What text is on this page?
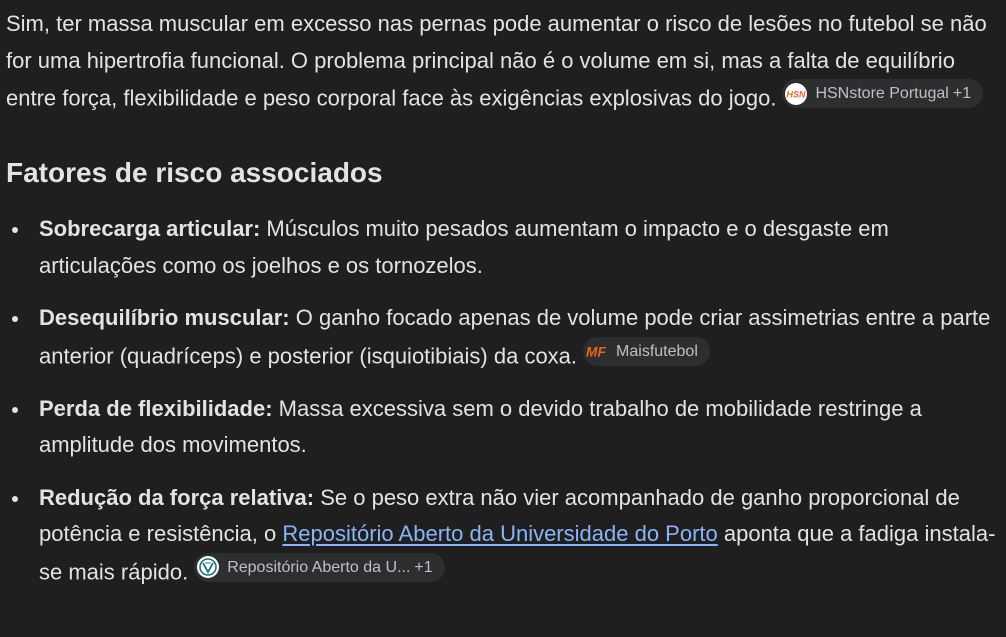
Sim, ter massa muscular em excesso nas pernas pode aumentar o risco de lesões no futebol se não for uma hipertrofia funcional. O problema principal não é o volume em si, mas a falta de equilíbrio entre força, flexibilidade e peso corporal face às exigências explosivas do jogo. HSN HSNstore Portugal +1

Fatores de risco associados
Sobrecarga articular: Músculos muito pesados aumentam o impacto e o desgaste em articulações como os joelhos e os tornozelos.
Desequilíbrio muscular: O ganho focado apenas de volume pode criar assimetrias entre a parte anterior (quadríceps) e posterior (isquiotibiais) da coxa. MF Maisfutebol
Perda de flexibilidade: Massa excessiva sem o devido trabalho de mobilidade restringe a amplitude dos movimentos.
Redução da força relativa: Se o peso extra não vier acompanhado de ganho proporcional de potência e resistência, o Repositório Aberto da Universidade do Porto aponta que a fadiga instala-se mais rápido. Repositório Aberto da U... +1
